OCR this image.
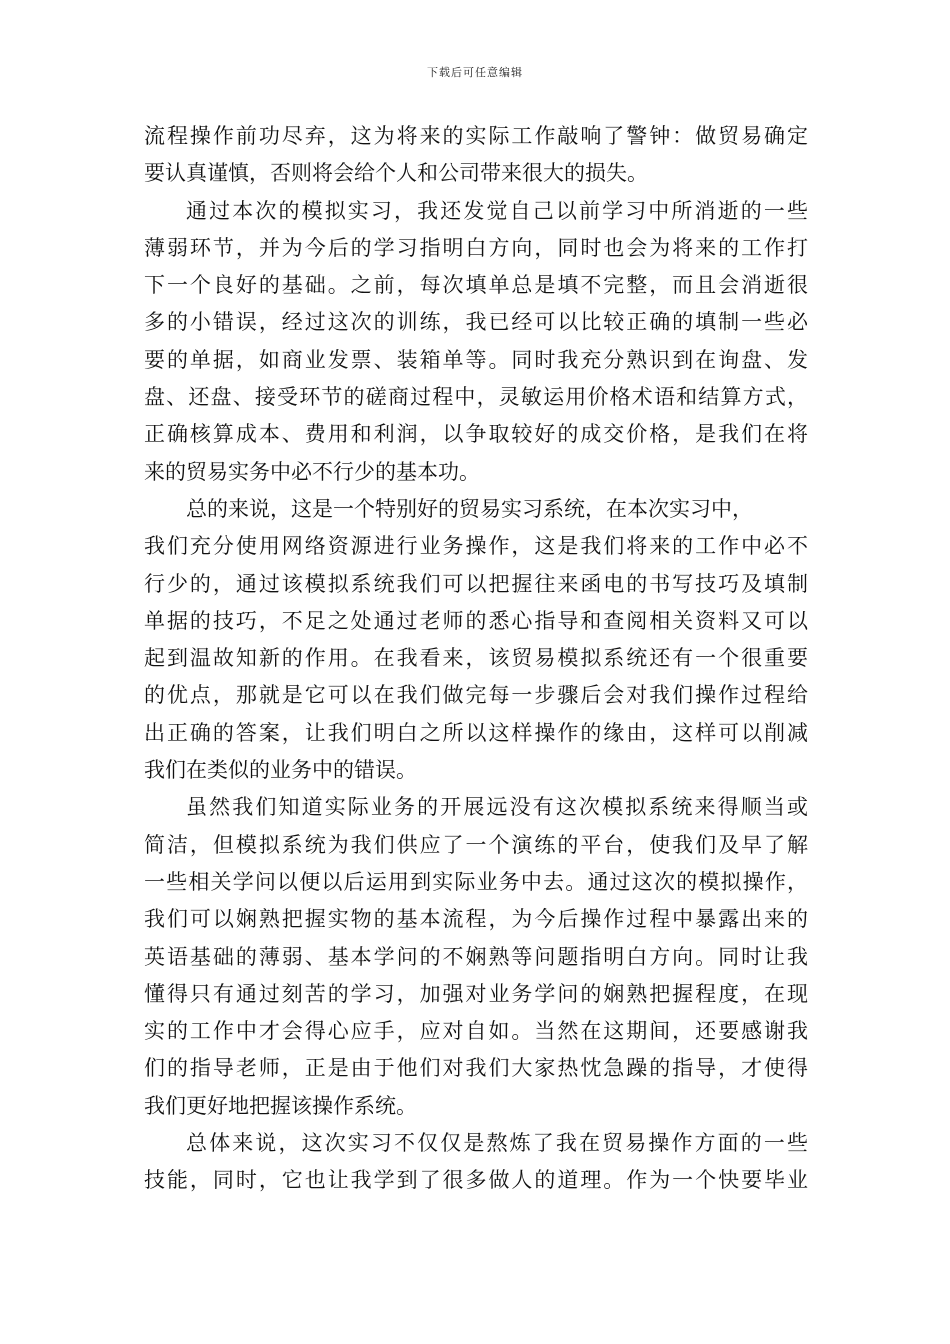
下载后可任意编辑
流程操作前功尽弃，这为将来的实际工作敲响了警钟：做贸易确定
要认真谨慎，否则将会给个人和公司带来很大的损失。
通过本次的模拟实习，我还发觉自己以前学习中所消逝的一些
薄弱环节，并为今后的学习指明白方向，同时也会为将来的工作打
下一个良好的基础。之前，每次填单总是填不完整，而且会消逝很
多的小错误，经过这次的训练，我已经可以比较正确的填制一些必
要的单据，如商业发票、装箱单等。同时我充分熟识到在询盘、发
盘、还盘、接受环节的磋商过程中，灵敏运用价格术语和结算方式，
正确核算成本、费用和利润，以争取较好的成交价格，是我们在将
来的贸易实务中必不行少的基本功。
总的来说，这是一个特别好的贸易实习系统，在本次实习中，
我们充分使用网络资源进行业务操作，这是我们将来的工作中必不
行少的，通过该模拟系统我们可以把握往来函电的书写技巧及填制
单据的技巧，不足之处通过老师的悉心指导和查阅相关资料又可以
起到温故知新的作用。在我看来，该贸易模拟系统还有一个很重要
的优点，那就是它可以在我们做完每一步骤后会对我们操作过程给
出正确的答案，让我们明白之所以这样操作的缘由，这样可以削减
我们在类似的业务中的错误。
虽然我们知道实际业务的开展远没有这次模拟系统来得顺当或
简洁，但模拟系统为我们供应了一个演练的平台，使我们及早了解
一些相关学问以便以后运用到实际业务中去。通过这次的模拟操作，
我们可以娴熟把握实物的基本流程，为今后操作过程中暴露出来的
英语基础的薄弱、基本学问的不娴熟等问题指明白方向。同时让我
懂得只有通过刻苦的学习，加强对业务学问的娴熟把握程度，在现
实的工作中才会得心应手，应对自如。当然在这期间，还要感谢我
们的指导老师，正是由于他们对我们大家热忱急躁的指导，才使得
我们更好地把握该操作系统。
总体来说，这次实习不仅仅是熬炼了我在贸易操作方面的一些
技能，同时，它也让我学到了很多做人的道理。作为一个快要毕业
